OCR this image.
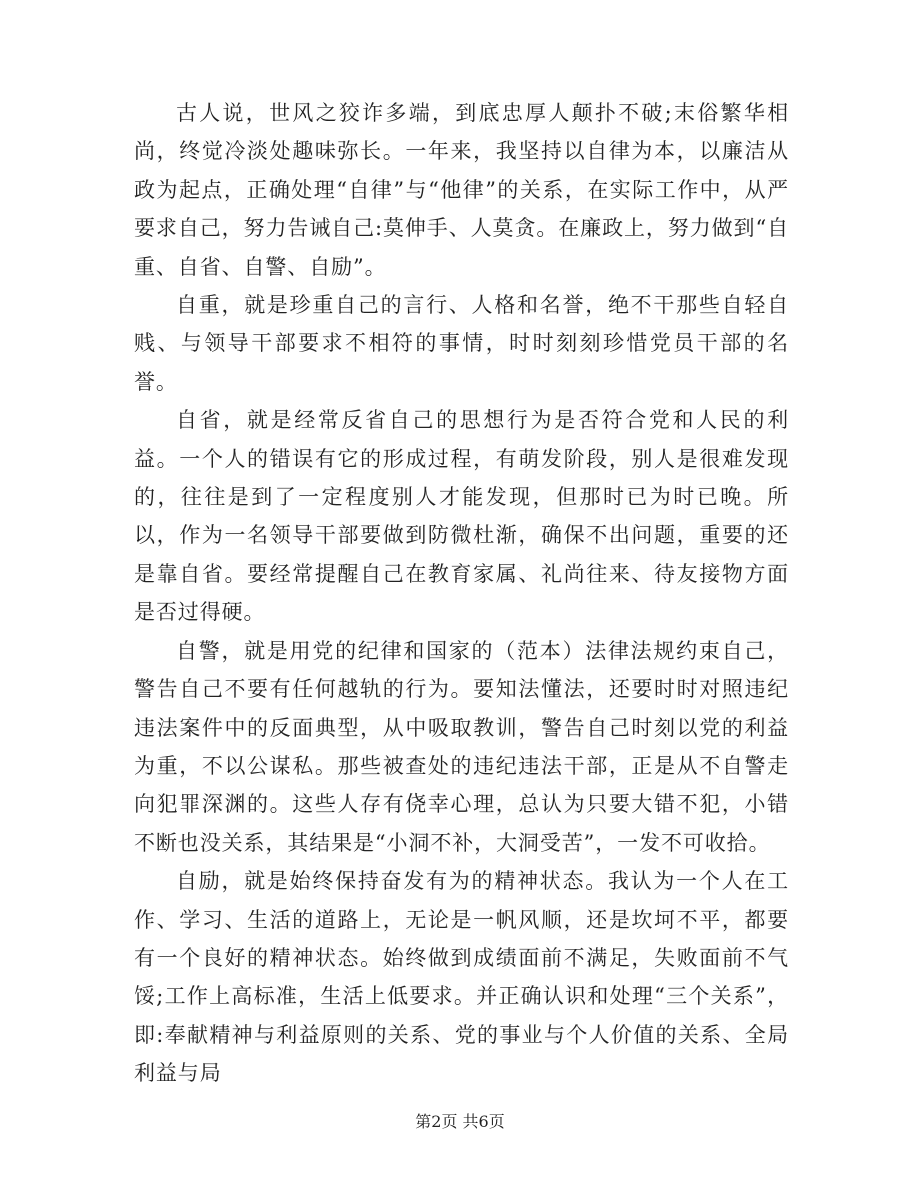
古人说，世风之狡诈多端，到底忠厚人颠扑不破;末俗繁华相尚，终觉冷淡处趣味弥长。一年来，我坚持以自律为本，以廉洁从政为起点，正确处理“自律”与“他律”的关系，在实际工作中，从严要求自己，努力告诫自己:莫伸手、人莫贪。在廉政上，努力做到“自重、自省、自警、自励”。

自重，就是珍重自己的言行、人格和名誉，绝不干那些自轻自贱、与领导干部要求不相符的事情，时时刻刻珍惜党员干部的名誉。

自省，就是经常反省自己的思想行为是否符合党和人民的利益。一个人的错误有它的形成过程，有萌发阶段，别人是很难发现的，往往是到了一定程度别人才能发现，但那时已为时已晚。所以，作为一名领导干部要做到防微杜渐，确保不出问题，重要的还是靠自省。要经常提醒自己在教育家属、礼尚往来、待友接物方面是否过得硬。

自警，就是用党的纪律和国家的（范本）法律法规约束自己，警告自己不要有任何越轨的行为。要知法懂法，还要时时对照违纪违法案件中的反面典型，从中吸取教训，警告自己时刻以党的利益为重，不以公谋私。那些被查处的违纪违法干部，正是从不自警走向犯罪深渊的。这些人存有侥幸心理，总认为只要大错不犯，小错不断也没关系，其结果是“小洞不补，大洞受苦”，一发不可收拾。

自励，就是始终保持奋发有为的精神状态。我认为一个人在工作、学习、生活的道路上，无论是一帆风顺，还是坎坷不平，都要有一个良好的精神状态。始终做到成绩面前不满足，失败面前不气馁;工作上高标准，生活上低要求。并正确认识和处理“三个关系”，即:奉献精神与利益原则的关系、党的事业与个人价值的关系、全局利益与局

第2页 共6页
